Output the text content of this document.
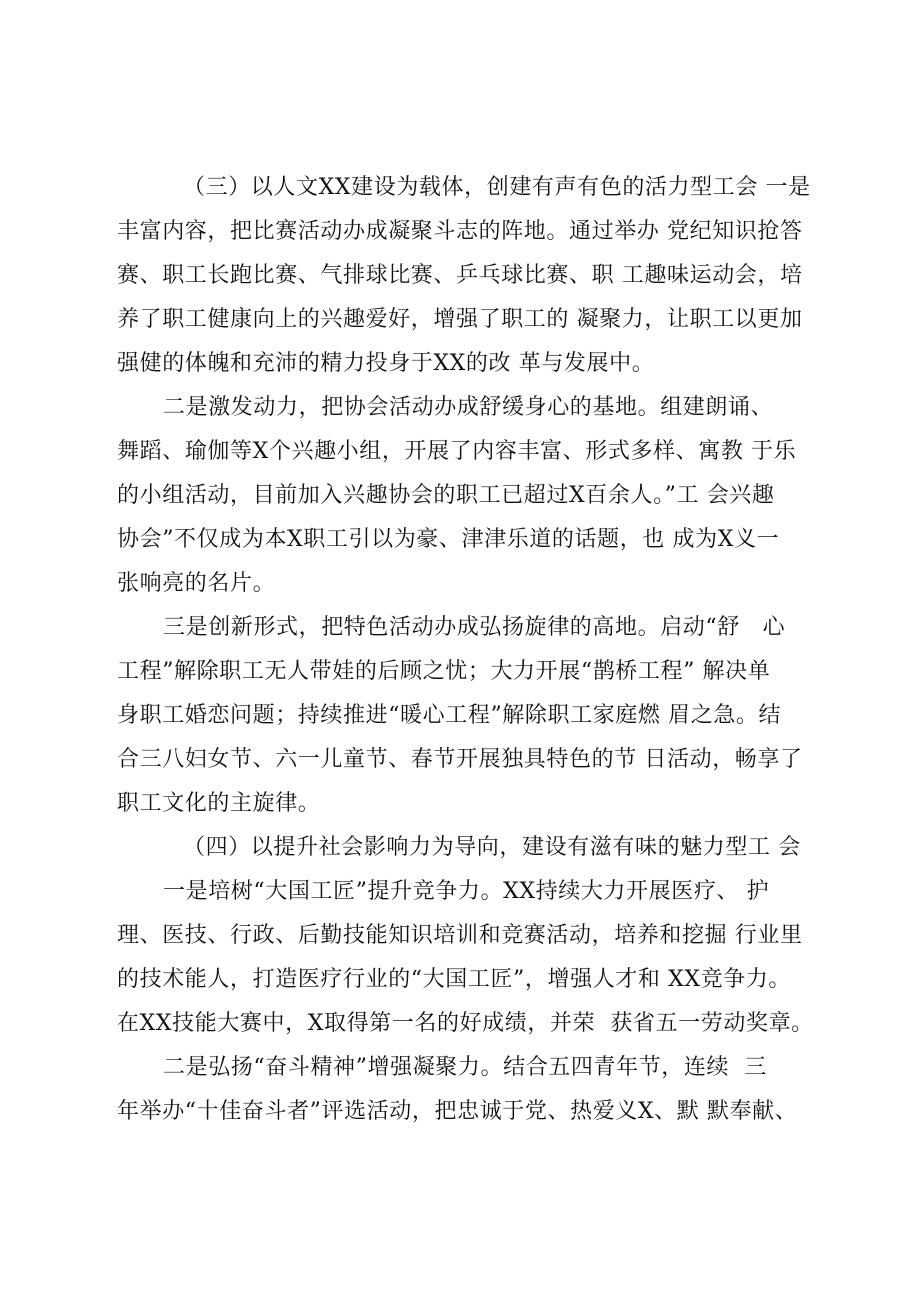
（三）以人文XX建设为载体，创建有声有色的活力型工会 一是
丰富内容，把比赛活动办成凝聚斗志的阵地。通过举办 党纪知识抢答
赛、职工长跑比赛、气排球比赛、乒乓球比赛、职 工趣味运动会，培
养了职工健康向上的兴趣爱好，增强了职工的 凝聚力，让职工以更加
强健的体魄和充沛的精力投身于XX的改 革与发展中。
二是激发动力，把协会活动办成舒缓身心的基地。组建朗诵、
舞蹈、瑜伽等X个兴趣小组，开展了内容丰富、形式多样、寓教 于乐
的小组活动，目前加入兴趣协会的职工已超过X百余人。”工 会兴趣
协会”不仅成为本X职工引以为豪、津津乐道的话题，也 成为X义一
张响亮的名片。
三是创新形式，把特色活动办成弘扬旋律的高地。启动“舒   心
工程”解除职工无人带娃的后顾之忧；大力开展“鹊桥工程” 解决单
身职工婚恋问题；持续推进“暖心工程”解除职工家庭燃 眉之急。结
合三八妇女节、六一儿童节、春节开展独具特色的节 日活动，畅享了
职工文化的主旋律。
（四）以提升社会影响力为导向，建设有滋有味的魅力型工 会
一是培树“大国工匠”提升竞争力。XX持续大力开展医疗、 护
理、医技、行政、后勤技能知识培训和竞赛活动，培养和挖掘 行业里
的技术能人，打造医疗行业的“大国工匠”，增强人才和 XX竞争力。
在XX技能大赛中，X取得第一名的好成绩，并荣  获省五一劳动奖章。
二是弘扬“奋斗精神”增强凝聚力。结合五四青年节，连续  三
年举办“十佳奋斗者”评选活动，把忠诚于党、热爱义X、默 默奉献、
